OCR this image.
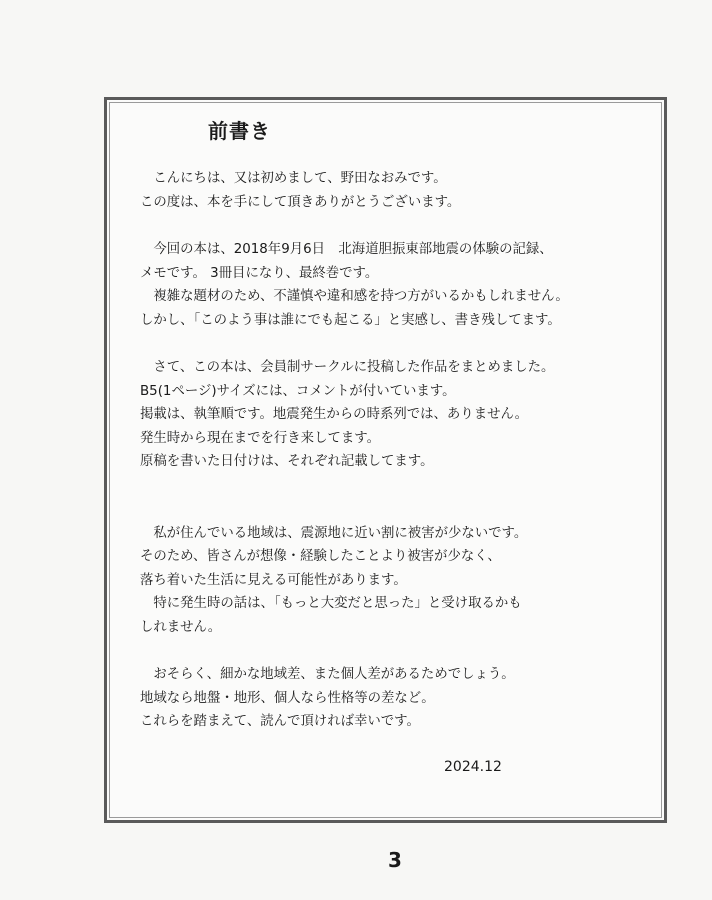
前書き

　こんにちは、又は初めまして、野田なおみです。

この度は、本を手にして頂きありがとうございます。

　今回の本は、2018年9月6日　北海道胆振東部地震の体験の記録、

メモです。 3冊目になり、最終巻です。

　複雑な題材のため、不謹慎や違和感を持つ方がいるかもしれません。

しかし、「このよう事は誰にでも起こる」と実感し、書き残してます。

　さて、この本は、会員制サークルに投稿した作品をまとめました。

B5(1ページ)サイズには、コメントが付いています。

掲載は、執筆順です。地震発生からの時系列では、ありません。

発生時から現在までを行き来してます。

原稿を書いた日付けは、それぞれ記載してます。

　私が住んでいる地域は、震源地に近い割に被害が少ないです。

そのため、皆さんが想像・経験したことより被害が少なく、

落ち着いた生活に見える可能性があります。

　特に発生時の話は、「もっと大変だと思った」と受け取るかも

しれません。

　おそらく、細かな地域差、また個人差があるためでしょう。

地域なら地盤・地形、個人なら性格等の差など。

これらを踏まえて、読んで頂ければ幸いです。

2024.12
3
